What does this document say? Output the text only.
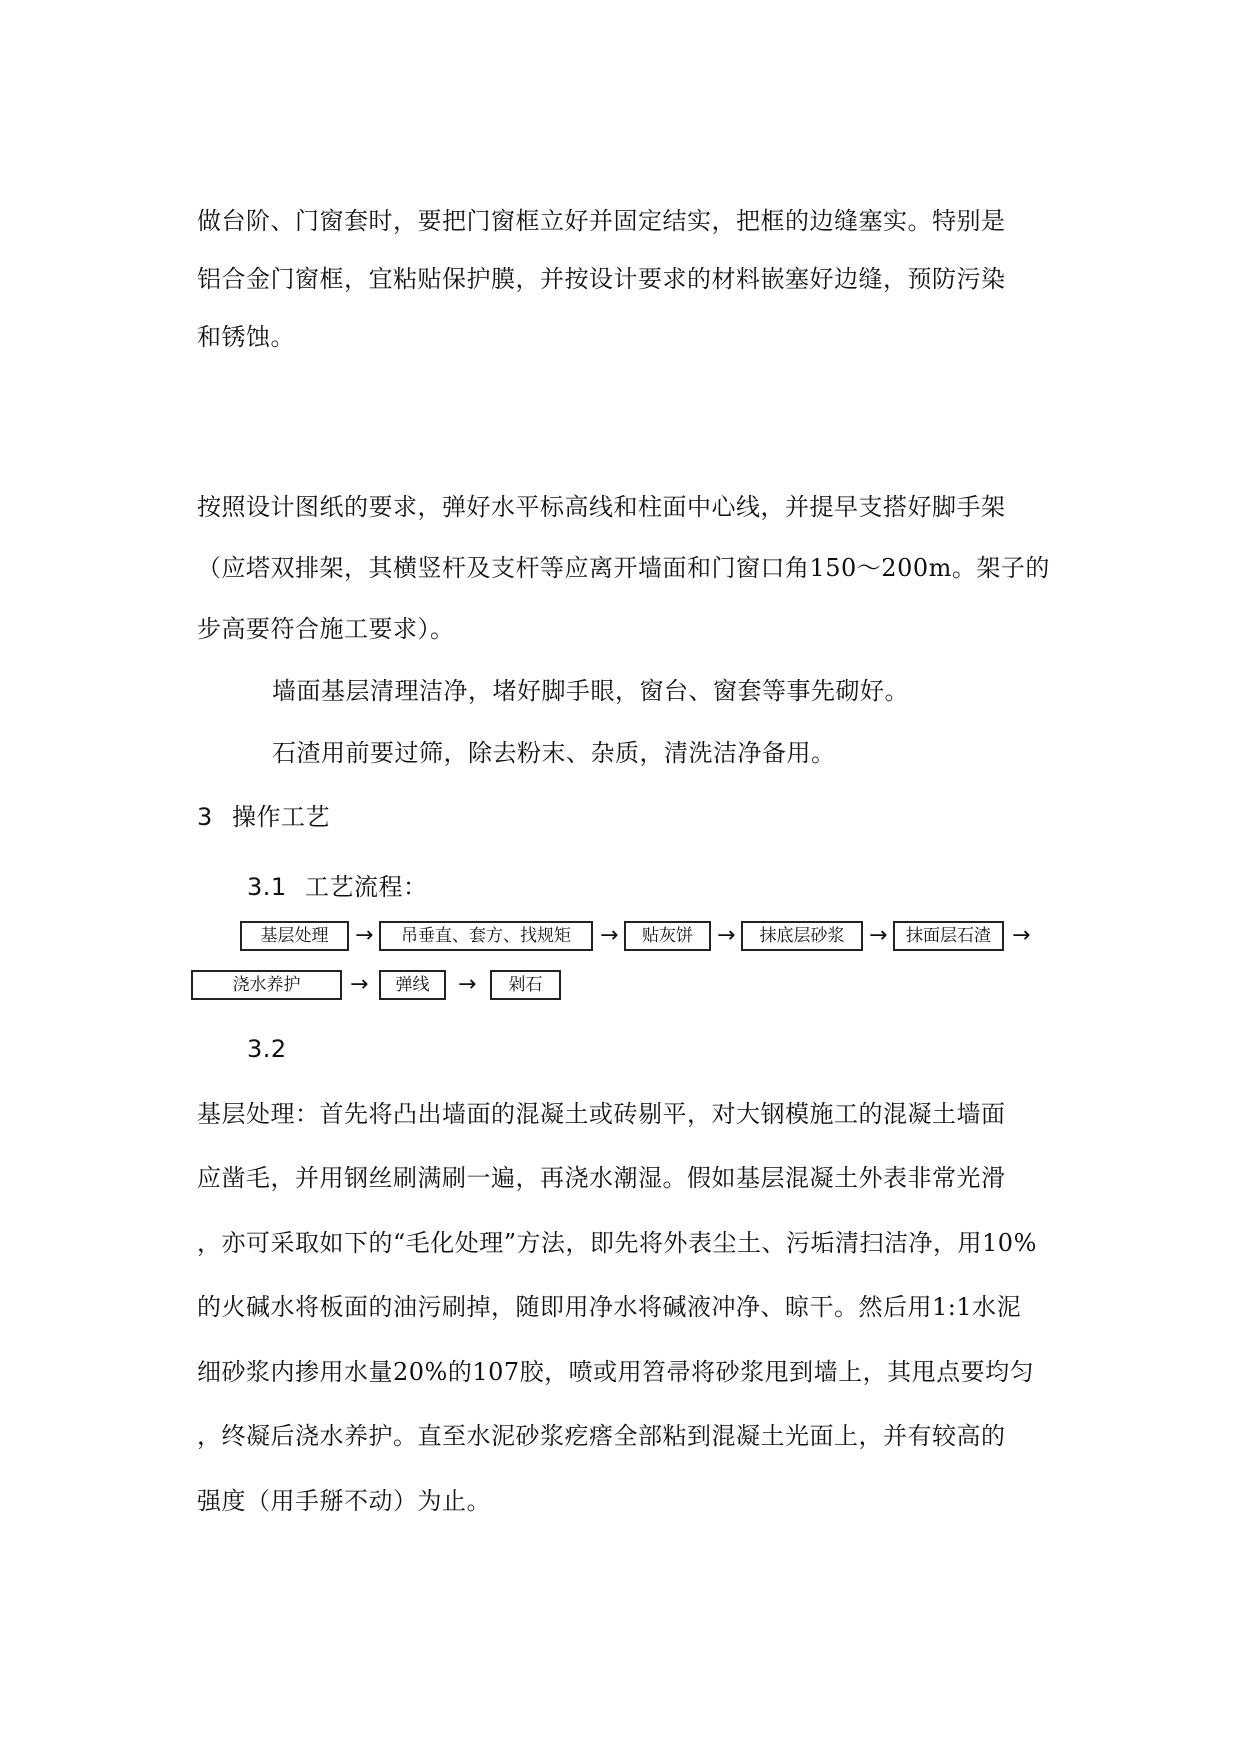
做台阶、门窗套时，要把门窗框立好并固定结实，把框的边缝塞实。特别是
铝合金门窗框，宜粘贴保护膜，并按设计要求的材料嵌塞好边缝，预防污染
和锈蚀。
按照设计图纸的要求，弹好水平标高线和柱面中心线，并提早支搭好脚手架
（应塔双排架，其横竖杆及支杆等应离开墙面和门窗口角150～200m。架子的
步高要符合施工要求）。
墙面基层清理洁净，堵好脚手眼，窗台、窗套等事先砌好。
石渣用前要过筛，除去粉末、杂质，清洗洁净备用。
3 操作工艺
3.1 工艺流程：
基层处理	→	吊垂直、套方、找规矩	→	贴灰饼	→	抹底层砂浆	→	抹面层石渣 →
浇水养护	→	弹线	→	剁石
3.2
基层处理：首先将凸出墙面的混凝土或砖剔平，对大钢模施工的混凝土墙面
应凿毛，并用钢丝刷满刷一遍，再浇水潮湿。假如基层混凝土外表非常光滑
，亦可采取如下的“毛化处理”方法，即先将外表尘土、污垢清扫洁净，用10%
的火碱水将板面的油污刷掉，随即用净水将碱液冲净、晾干。然后用1:1水泥
细砂浆内掺用水量20%的107胶，喷或用笤帚将砂浆甩到墙上，其甩点要均匀
，终凝后浇水养护。直至水泥砂浆疙瘩全部粘到混凝土光面上，并有较高的
强度（用手掰不动）为止。
